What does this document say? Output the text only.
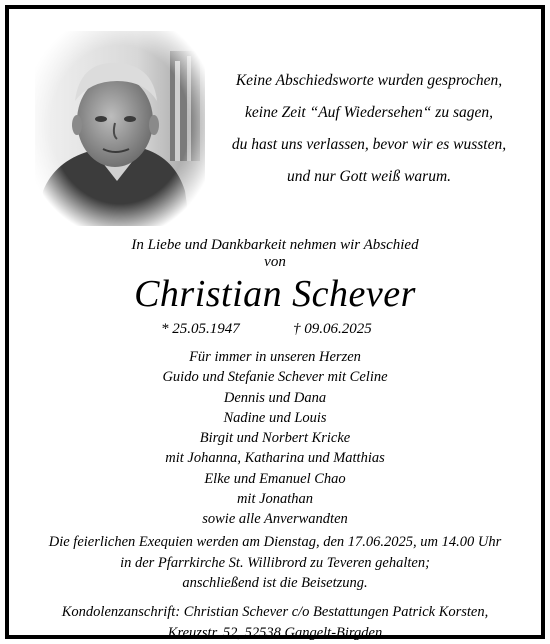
Keine Abschiedsworte wurden gesprochen,
keine Zeit “Auf Wiedersehen“ zu sagen,
du hast uns verlassen, bevor wir es wussten,
und nur Gott weiß warum.
In Liebe und Dankbarkeit nehmen wir Abschied
von
Christian Schever
* 25.05.1947	† 09.06.2025
Für immer in unseren Herzen
Guido und Stefanie Schever mit Celine
Dennis und Dana
Nadine und Louis
Birgit und Norbert Kricke
mit Johanna, Katharina und Matthias
Elke und Emanuel Chao
mit Jonathan
sowie alle Anverwandten
Die feierlichen Exequien werden am Dienstag, den 17.06.2025, um 14.00 Uhr
in der Pfarrkirche St. Willibrord zu Teveren gehalten;
anschließend ist die Beisetzung.
Kondolenzanschrift: Christian Schever c/o Bestattungen Patrick Korsten,
Kreuzstr. 52, 52538 Gangelt-Birgden
